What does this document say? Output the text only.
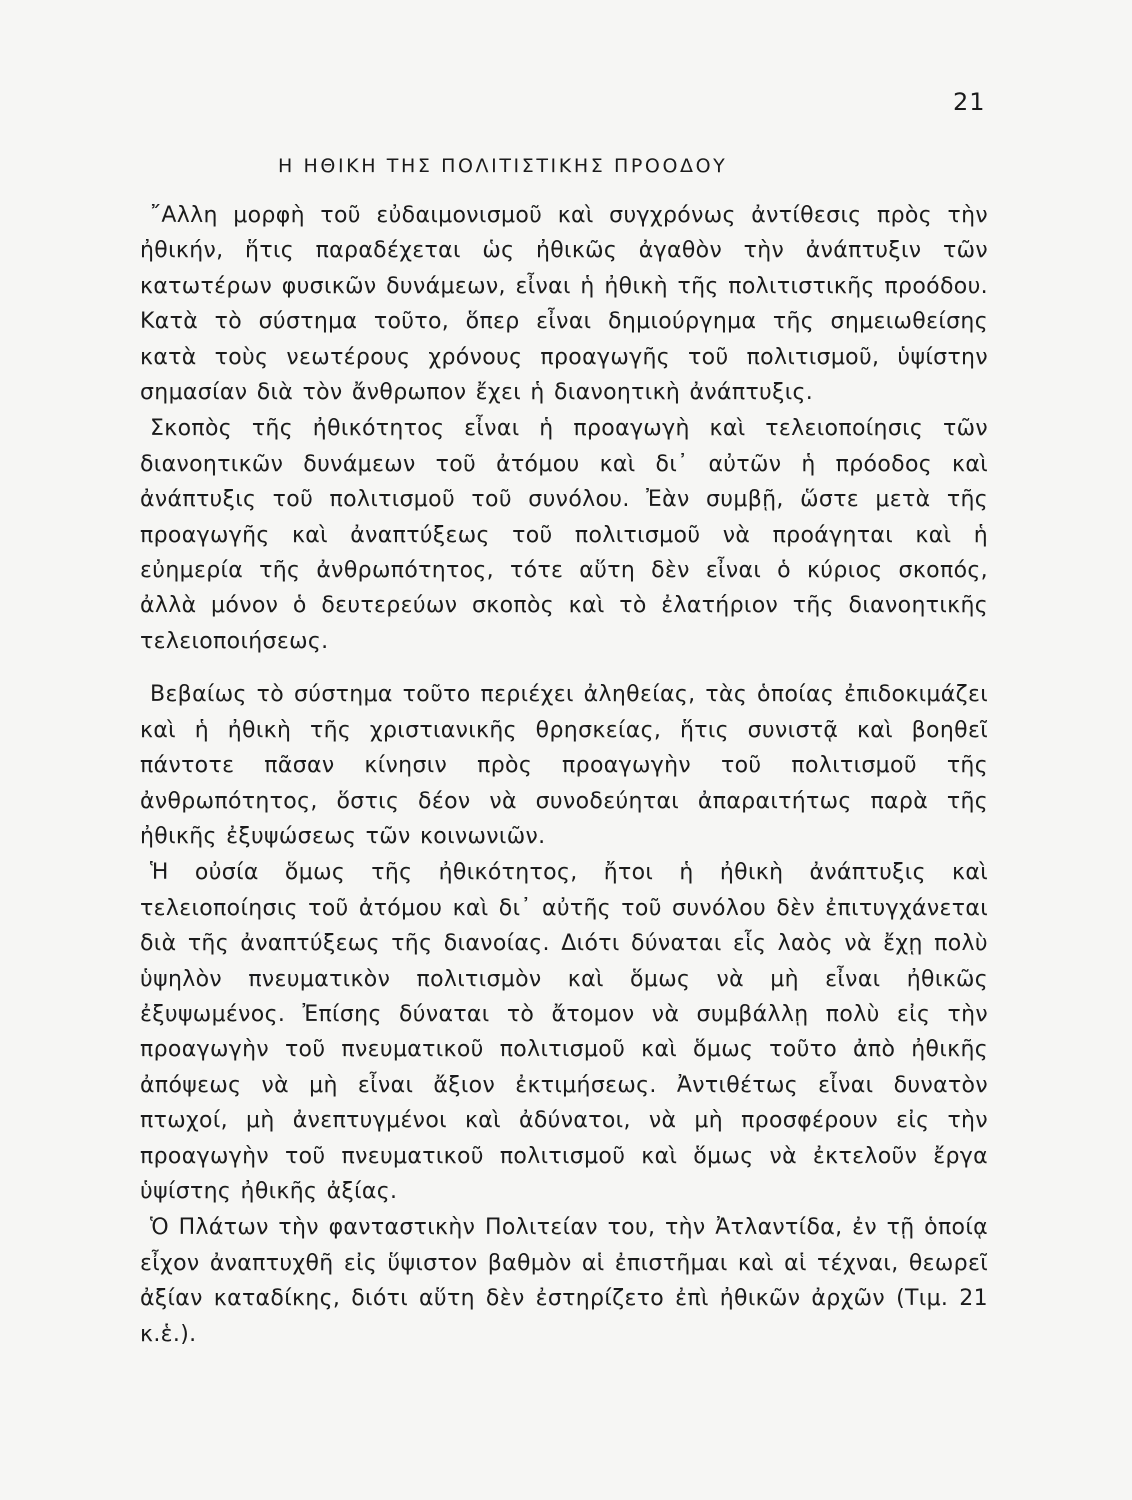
21
Η ΗΘΙΚΗ ΤΗΣ ΠΟΛΙΤΙΣΤΙΚΗΣ ΠΡΟΟΔΟΥ

῎Αλλη μορφὴ τοῦ εὐδαιμονισμοῦ καὶ συγχρόνως ἀντίθεσις πρὸς τὴν ἠθικήν, ἥτις παραδέχεται ὡς ἠθικῶς ἀγαθὸν τὴν ἀνάπτυξιν τῶν κατωτέρων φυσικῶν δυνάμεων, εἶναι ἡ ἠθικὴ τῆς πολιτιστικῆς προόδου. Κατὰ τὸ σύστημα τοῦτο, ὅπερ εἶναι δημιούργημα τῆς σημειωθείσης κατὰ τοὺς νεωτέρους χρόνους προαγωγῆς τοῦ πολιτισμοῦ, ὑψίστην σημασίαν διὰ τὸν ἄνθρωπον ἔχει ἡ διανοητικὴ ἀνάπτυξις.

Σκοπὸς τῆς ἠθικότητος εἶναι ἡ προαγωγὴ καὶ τελειοποίησις τῶν διανοητικῶν δυνάμεων τοῦ ἀτόμου καὶ δι᾿ αὐτῶν ἡ πρόοδος καὶ ἀνάπτυξις τοῦ πολιτισμοῦ τοῦ συνόλου. Ἐὰν συμβῇ, ὥστε μετὰ τῆς προαγωγῆς καὶ ἀναπτύξεως τοῦ πολιτισμοῦ νὰ προάγηται καὶ ἡ εὐημερία τῆς ἀνθρωπότητος, τότε αὕτη δὲν εἶναι ὁ κύριος σκοπός, ἀλλὰ μόνον ὁ δευτερεύων σκοπὸς καὶ τὸ ἐλατήριον τῆς διανοητικῆς τελειοποιήσεως.

Βεβαίως τὸ σύστημα τοῦτο περιέχει ἀληθείας, τὰς ὁποίας ἐπιδοκιμάζει καὶ ἡ ἠθικὴ τῆς χριστιανικῆς θρησκείας, ἥτις συνιστᾷ καὶ βοηθεῖ πάντοτε πᾶσαν κίνησιν πρὸς προαγωγὴν τοῦ πολιτισμοῦ τῆς ἀνθρωπότητος, ὅστις δέον νὰ συνοδεύηται ἀπαραιτήτως παρὰ τῆς ἠθικῆς ἐξυψώσεως τῶν κοινωνιῶν.

Ἡ οὐσία ὅμως τῆς ἠθικότητος, ἤτοι ἡ ἠθικὴ ἀνάπτυξις καὶ τελειοποίησις τοῦ ἀτόμου καὶ δι᾿ αὐτῆς τοῦ συνόλου δὲν ἐπιτυγχάνεται διὰ τῆς ἀναπτύξεως τῆς διανοίας. Διότι δύναται εἷς λαὸς νὰ ἔχῃ πολὺ ὑψηλὸν πνευματικὸν πολιτισμὸν καὶ ὅμως νὰ μὴ εἶναι ἠθικῶς ἐξυψωμένος. Ἐπίσης δύναται τὸ ἄτομον νὰ συμβάλλῃ πολὺ εἰς τὴν προαγωγὴν τοῦ πνευματικοῦ πολιτισμοῦ καὶ ὅμως τοῦτο ἀπὸ ἠθικῆς ἀπόψεως νὰ μὴ εἶναι ἄξιον ἐκτιμήσεως. Ἀντιθέτως εἶναι δυνατὸν πτωχοί, μὴ ἀνεπτυγμένοι καὶ ἀδύνατοι, νὰ μὴ προσφέρουν εἰς τὴν προαγωγὴν τοῦ πνευματικοῦ πολιτισμοῦ καὶ ὅμως νὰ ἐκτελοῦν ἔργα ὑψίστης ἠθικῆς ἀξίας.

Ὁ Πλάτων τὴν φανταστικὴν Πολιτείαν του, τὴν Ἀτλαντίδα, ἐν τῇ ὁποίᾳ εἶχον ἀναπτυχθῆ εἰς ὕψιστον βαθμὸν αἱ ἐπιστῆμαι καὶ αἱ τέχναι, θεωρεῖ ἀξίαν καταδίκης, διότι αὕτη δὲν ἐστηρίζετο ἐπὶ ἠθικῶν ἀρχῶν (Τιμ. 21 κ.ἑ.).
